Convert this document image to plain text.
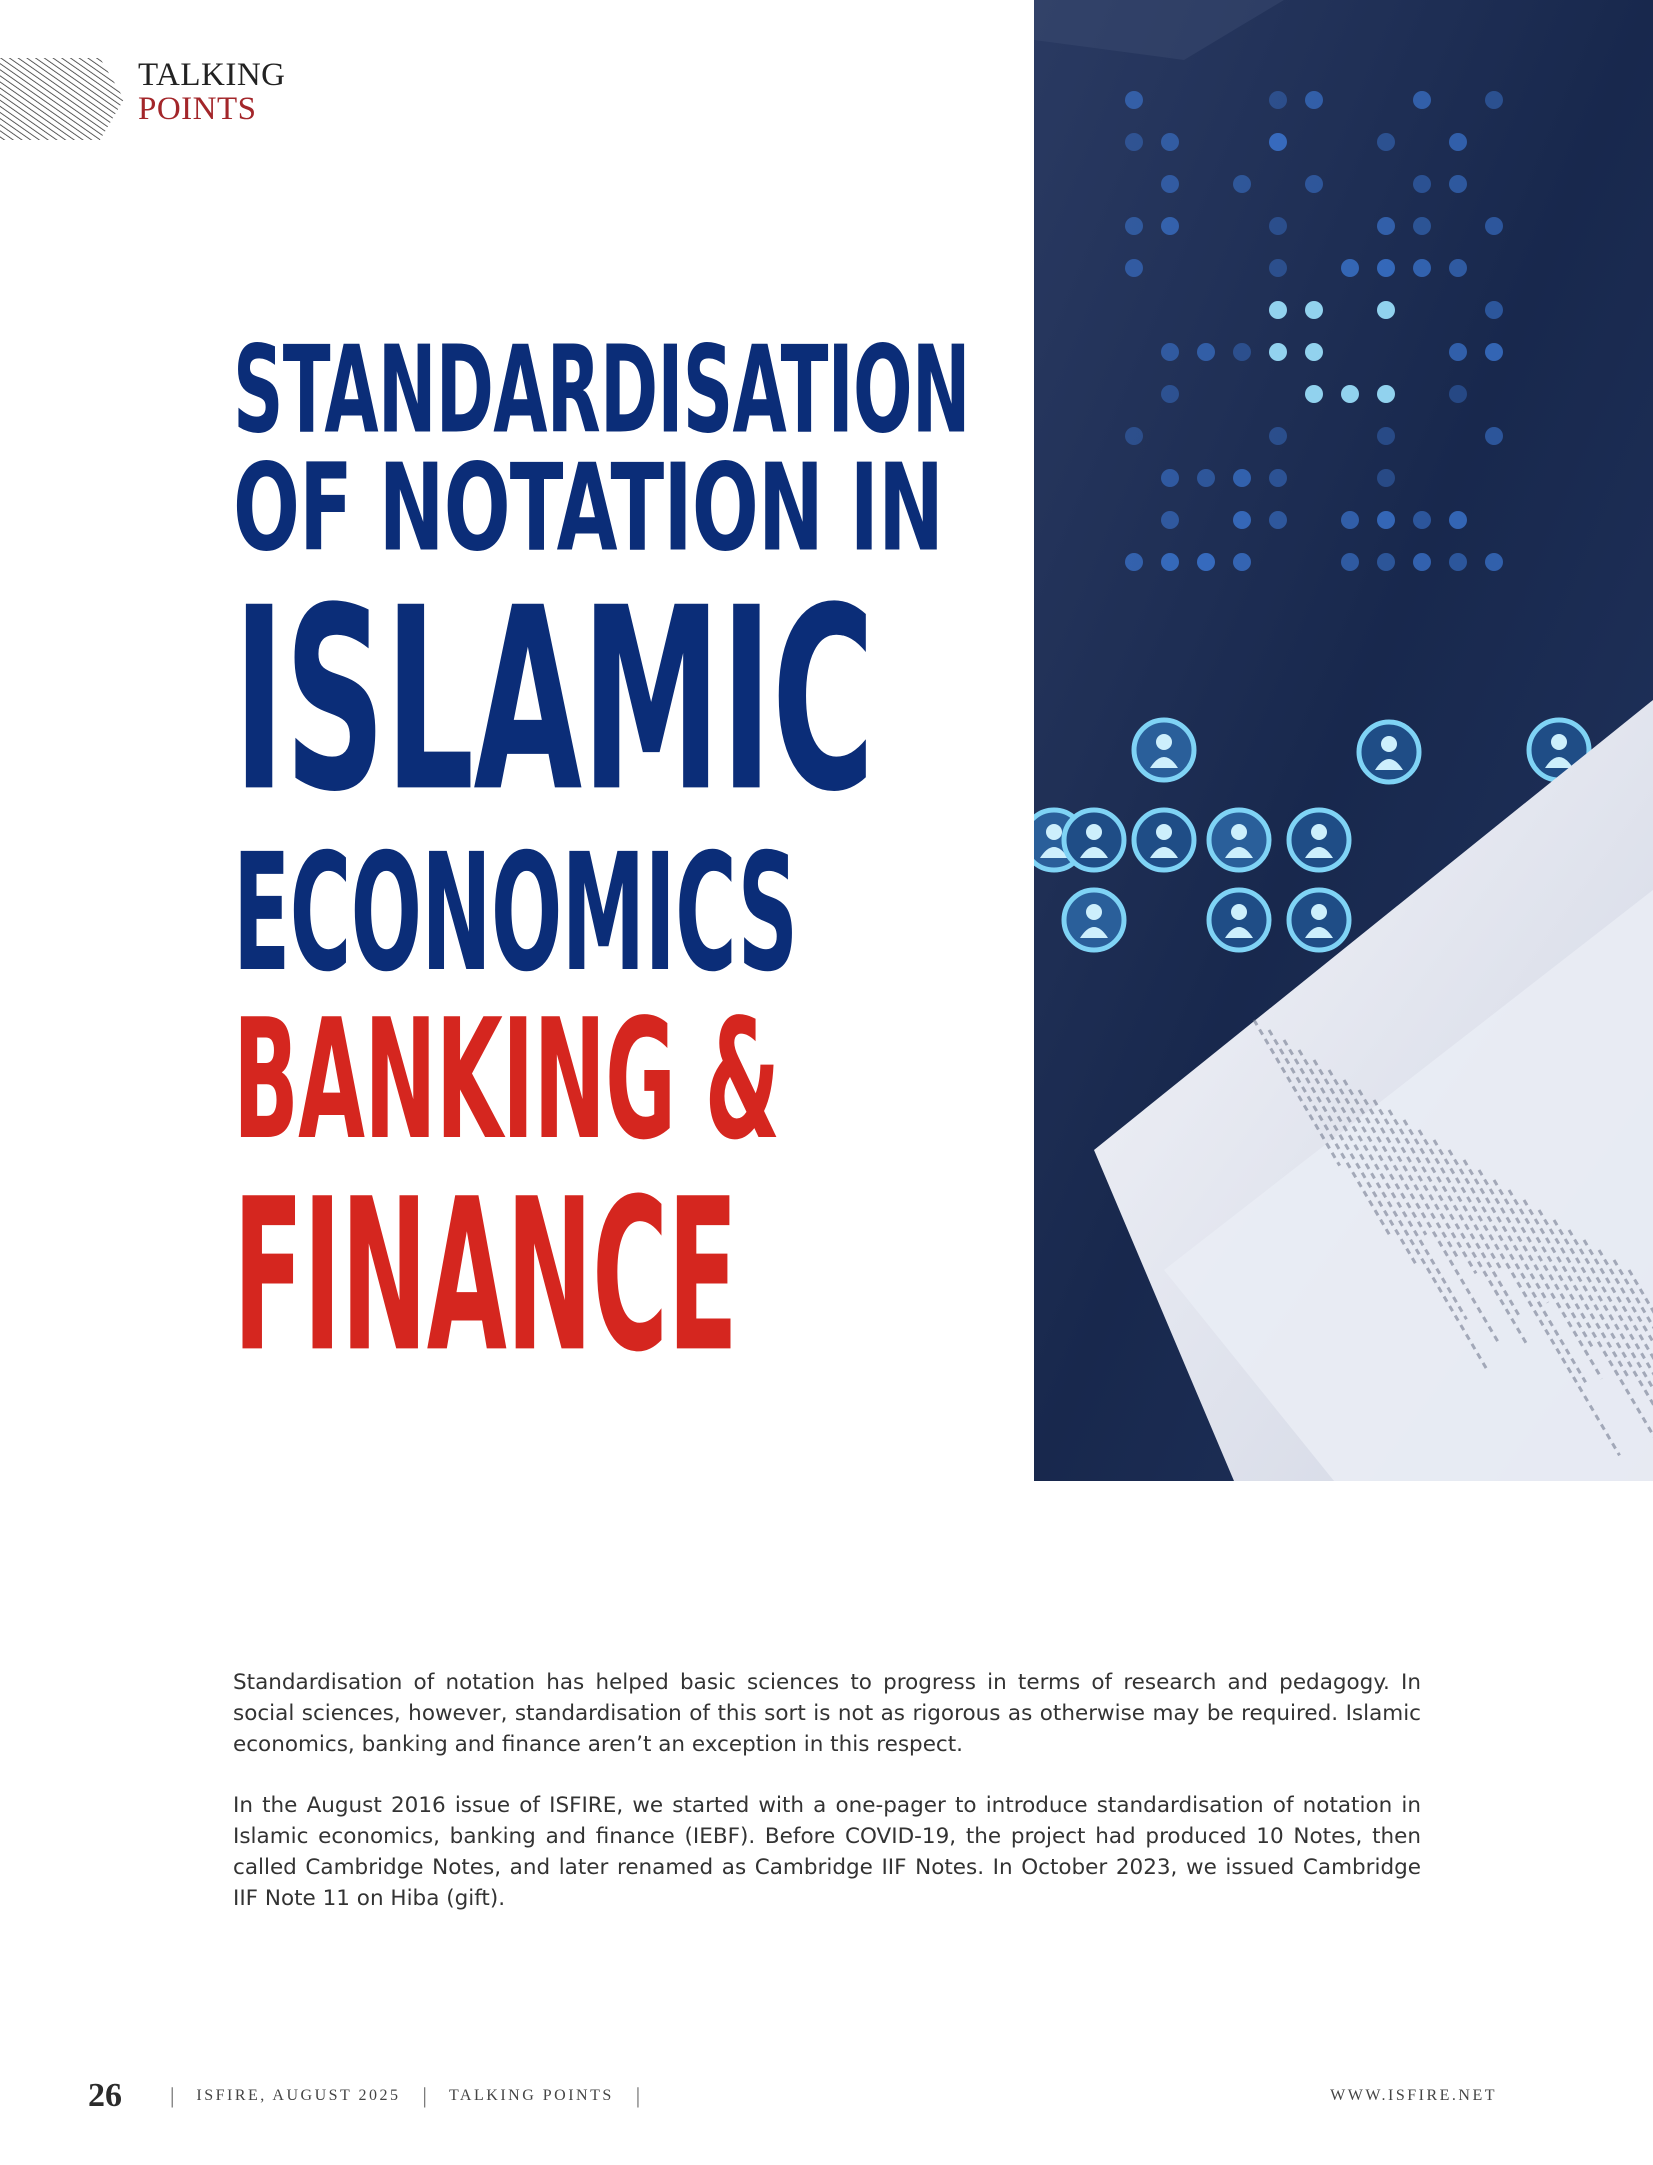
TALKING
POINTS
STANDARDISATION
OF NOTATION IN
ISLAMIC
ECONOMICS
BANKING &
FINANCE

Standardisation of notation has helped basic sciences to progress in terms of research and pedagogy. In social sciences, however, standardisation of this sort is not as rigorous as otherwise may be required. Islamic economics, banking and finance aren’t an exception in this respect.

In the August 2016 issue of ISFIRE, we started with a one-pager to introduce standardisation of notation in Islamic economics, banking and finance (IEBF). Before COVID-19, the project had produced 10 Notes, then called Cambridge Notes, and later renamed as Cambridge IIF Notes. In October 2023, we issued Cambridge IIF Note 11 on Hiba (gift).

26 | ISFIRE, AUGUST 2025 | TALKING POINTS |	WWW.ISFIRE.NET
